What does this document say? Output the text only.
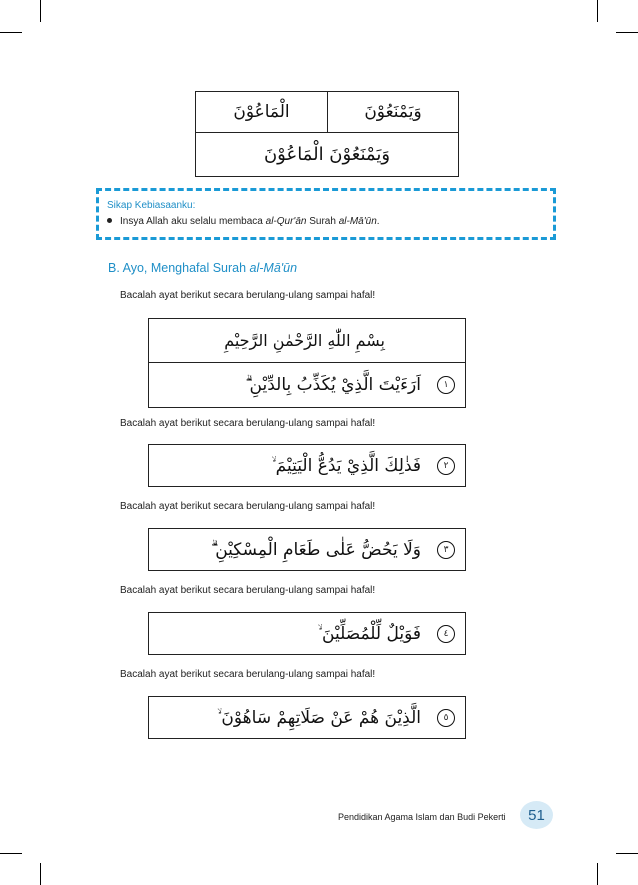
الْمَاعُوْنَ	وَيَمْنَعُوْنَ
وَيَمْنَعُوْنَ الْمَاعُوْنَ
Sikap Kebiasaanku:
Insya Allah aku selalu membaca al-Qur'ān Surah al-Mā'ūn.
B. Ayo, Menghafal Surah al-Mā'ūn
Bacalah ayat berikut secara berulang-ulang sampai hafal!
بِسْمِ اللّٰهِ الرَّحْمٰنِ الرَّحِيْمِ
اَرَءَيْتَ الَّذِيْ يُكَذِّبُ بِالدِّيْنِ ۗ	١
Bacalah ayat berikut secara berulang-ulang sampai hafal!
فَذٰلِكَ الَّذِيْ يَدُعُّ الْيَتِيْمَ ۙ	٢
Bacalah ayat berikut secara berulang-ulang sampai hafal!
وَلَا يَحُضُّ عَلٰى طَعَامِ الْمِسْكِيْنِ ۗ	٣
Bacalah ayat berikut secara berulang-ulang sampai hafal!
فَوَيْلٌ لِّلْمُصَلِّيْنَ ۙ	٤
Bacalah ayat berikut secara berulang-ulang sampai hafal!
الَّذِيْنَ هُمْ عَنْ صَلَاتِهِمْ سَاهُوْنَ ۙ	٥
Pendidikan Agama Islam dan Budi Pekerti	51
